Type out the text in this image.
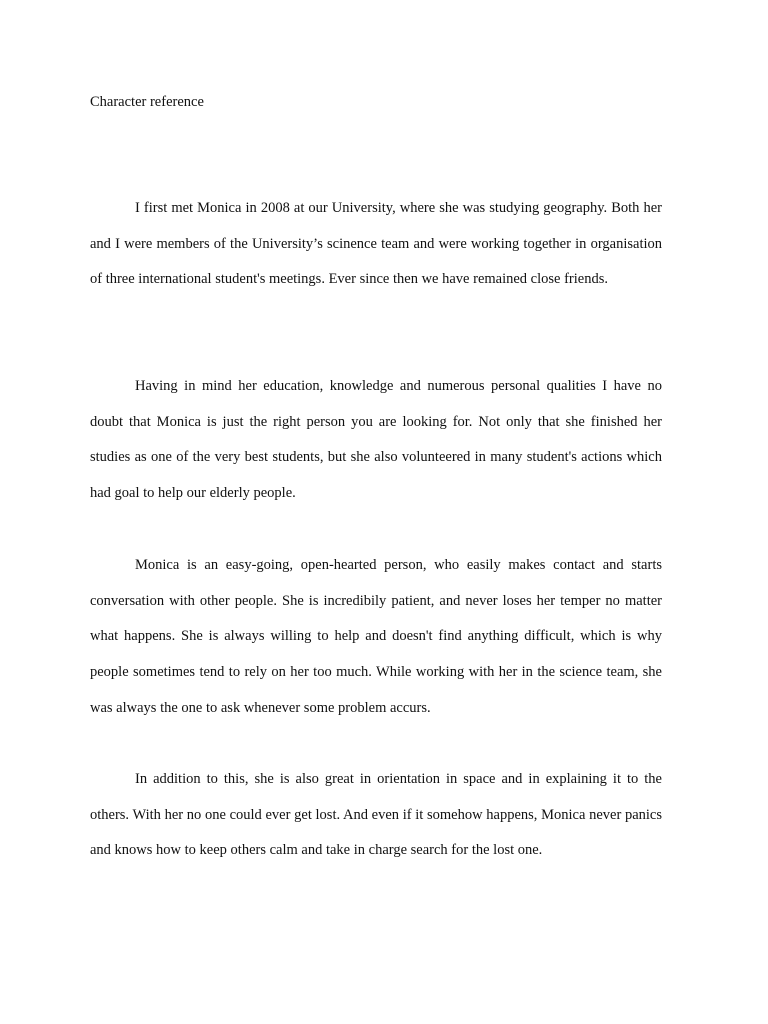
Character reference

I first met Monica in 2008 at our University, where she was studying geography. Both her and I were members of the University’s scinence team and were working together in organisation of three international student's meetings. Ever since then we have remained close friends.

Having in mind her education, knowledge and numerous personal qualities I have no doubt that Monica is just the right person you are looking for. Not only that she finished her studies as one of the very best students, but she also volunteered in many student's actions which had goal to help our elderly people.

Monica is an easy-going, open-hearted person, who easily makes contact and starts conversation with other people. She is incredibily patient, and never loses her temper no matter what happens. She is always willing to help and doesn't find anything difficult, which is why people sometimes tend to rely on her too much. While working with her in the science team, she was always the one to ask whenever some problem accurs.

In addition to this, she is also great in orientation in space and in explaining it to the others. With her no one could ever get lost. And even if it somehow happens, Monica never panics and knows how to keep others calm and take in charge search for the lost one.
